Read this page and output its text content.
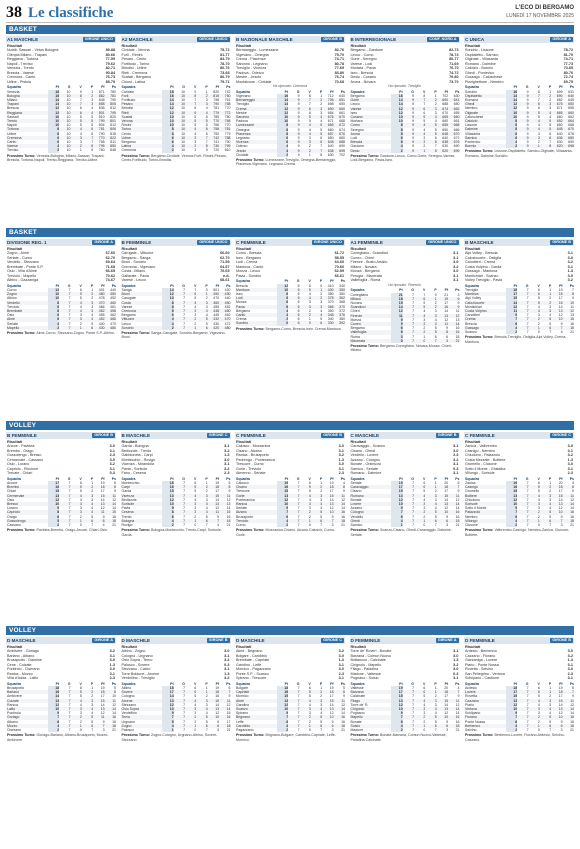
38 Le classifiche	L'ECO DI BERGAMO
LUNEDÌ 17 NOVEMBRE 2025
BASKET
A1 MASCHILE	GIRONE UNICO
Risultati
Nutrib. Sassari - Virtus Bologna	89-88
Olimpia Milano - Trapani	80-66
Reggiana - Tortona	77-59
Napoli - Treviso	79-62
Venezia - Trento	82-71
Brescia - Varese	90-84
Cremona - Cantù	76-73
Udine - Pistoia	85-79
Squadra	Pt	G	V	P	Pf	Ps
Venezia	18	10	9	1	871	780
Bologna	16	10	8	2	862	781
Milano	14	10	7	3	845	790
Trapani	14	10	7	3	858	805
Brescia	12	10	6	4	836	812
Reggiana	12	10	6	4	801	795
Sassari	10	10	5	5	810	820
Trento	10	10	5	5	799	801
Napoli	10	10	5	5	804	812
Tortona	8	10	4	6	781	806
Udine	8	10	4	6	790	818
Cremona	6	10	3	7	770	822
Cantù	6	10	3	7	768	811
Varese	4	10	2	8	795	850
Treviso	2	10	1	9	760	848
Prossimo Turno: Venezia-Bologna, Milano-Sassari, Trapani-Brescia, Tortona-Napoli, Trento-Reggiana, Treviso-Udine.
A2 MASCHILE	GIRONE UNICO
Risultati
Cividale - Verona	75-72
Forlì - Rimini	81-77
Pesaro - Cento	84-79
Fortitudo - Torino	78-70
Brindisi - Udine	80-76
Rieti - Cremona	73-68
Scafati - Bergamo	86-79
Chiusi - Latina	79-71
Squadra	Pt	G	V	P	Pf	Ps
Cividale	18	10	9	1	820	742
Forlì	16	10	8	2	815	760
Fortitudo	14	10	7	3	798	761
Pesaro	14	10	7	3	790	758
Brindisi	12	10	6	4	781	770
Rieti	12	10	6	4	779	772
Scafati	10	10	5	5	785	780
Verona	10	10	5	5	770	768
Rimini	10	10	5	5	766	770
Torino	8	10	4	6	758	781
Cento	8	10	4	6	750	779
Udine	6	10	3	7	742	788
Bergamo	6	10	3	7	741	790
Latina	4	10	2	8	730	799
Cremona	2	10	1	9	720	810
Prossimo Turno: Bergamo-Cividale, Verona-Forlì, Rimini-Pesaro, Cento-Fortitudo, Torino-Brindisi.
B NAZIONALE MASCHILE	GIRONE B
Risultati
Bernareggio - Lumezzane	82-76
Vigevano - Omegna	79-70
Crema - Piacenza	74-71
Saronno - Legnano	80-78
Treviglio - Vicenza	77-69
Padova - Oderzo	83-80
Mestre - Jesolo	76-74
Monfalcone - Cividale	70-68
Ha riposato: Cremona
Squadra	Pt	G	V	P	Pf	Ps
Vigevano	16	9	8	1	712	640
Bernareggio	14	9	7	2	705	651
Treviglio	14	9	7	2	698	650
Crema	12	9	6	3	690	660
Mestre	12	9	6	3	684	661
Saronno	10	9	5	4	676	670
Padova	10	9	5	4	671	668
Lumezzane	8	9	4	5	665	672
Omegna	8	9	4	5	660	674
Piacenza	8	9	4	5	657	676
Legnano	6	9	3	6	650	680
Vicenza	6	9	3	6	648	688
Oderzo	4	9	2	7	640	690
Jesolo	4	9	2	7	638	695
Cividale	2	9	1	8	630	702
Prossimo Turno: Lumezzane-Treviglio, Omegna-Bernareggio, Piacenza-Vigevano, Legnano-Crema.
B INTERREGIONALE	CONF. NORD A
Risultati
Bergamo - Gardone	82-73
Lecco - Como	78-74
Gorle - Seregno	80-77
Varese - Lodi	71-69
Mortara - Pavia	76-70
Iseo - Brescia	74-72
Desio - Cusano	79-80
Arona - Novara	73-70
Ha riposato: Treviglio
Squadra	Pt	G	V	P	Pf	Ps
Bergamo	16	9	8	1	702	630
Gorle	14	9	7	2	690	641
Lecco	14	9	7	2	688	650
Varese	12	9	6	3	674	652
Iseo	12	9	6	3	670	655
Cusano	10	9	5	4	665	660
Mortara	10	9	5	4	660	661
Como	8	9	4	5	655	668
Seregno	8	9	4	5	650	666
Arona	8	9	4	5	648	670
Lodi	6	9	3	6	640	672
Brescia	6	9	3	6	638	676
Gardone	4	9	2	7	630	690
Desio	2	9	1	8	620	699
Prossimo Turno: Gardone-Lecco, Como-Gorle, Seregno-Varese, Lodi-Bergamo, Pavia-Iseo.
C UNICA	GIRONE A
Risultati
Sondrio - Lissone	78-72
Ospitaletto - Sarnico	81-70
Olginate - Villasanta	74-71
Romano - Dalmine	77-73
Calolzio - Bormio	70-65
Ghedi - Pontevico	80-76
Gussago - Caluschese	72-74
Pizzighettone - Nembro	69-75
Squadra	Pt	G	V	P	Pf	Ps
Sondrio	16	9	8	1	699	631
Ospitaletto	14	9	7	2	690	640
Romano	14	9	7	2	682	645
Ghedi	12	9	6	3	675	650
Nembro	12	9	6	3	671	655
Olginate	10	9	5	4	665	660
Caluschese	10	9	5	4	660	662
Calolzio	8	9	4	5	652	664
Lissone	8	9	4	5	650	668
Dalmine	8	9	4	5	645	670
Villasanta	6	9	3	6	640	676
Sarnico	6	9	3	6	636	680
Pontevico	4	9	2	7	630	690
Bormio	2	9	1	8	620	698
Prossimo Turno: Lissone-Ospitaletto, Sarnico-Olginate, Villasanta-Romano, Dalmine-Sondrio.
BASKET
DIVISIONE REG. 1	GIRONE A
Risultati
Zogno - Almè	67-60
Seriate - Curno	62-70
Verdello - Stezzano	69-64
Brembate - Ponte S.P.	71-68
Osio - Villa d'Almè	66-65
Treviolo - Mapello	70-62
Albino - Gazzaniga	74-67
Squadra	Pt	G	V	P	Pf	Ps
Curno	12	7	6	1	491	440
Zogno	10	7	5	2	480	450
Albino	10	7	5	2	478	452
Verdello	8	7	4	3	470	460
Treviolo	8	7	4	3	466	461
Brembate	8	7	4	3	462	458
Osio	6	7	3	4	455	462
Almè	6	7	3	4	452	466
Seriate	4	7	2	5	440	470
Mapello	2	7	1	6	430	480
Prossimo Turno: Almè-Curno, Stezzano-Zogno, Ponte S.P.-Albino.
B FEMMINILE	GIRONE UNICO
Risultati
Carugate - Vittuone	66-60
Bergamo - Sanga	62-70
Broni - Sondrio	71-59
Cremona - Vigevano	64-57
Costa - Milano	70-65
Gallarate - Pavia	n.d.
Varese - Lecco	68-61
Squadra	Pt	G	V	P	Pf	Ps
Sanga	14	7	7	0	501	420
Broni	12	7	6	1	490	430
Carugate	10	7	5	2	470	440
Costa	8	7	4	3	460	450
Varese	8	7	4	3	455	452
Cremona	6	7	3	4	448	460
Bergamo	6	7	3	4	445	462
Vittuone	4	7	2	5	432	470
Lecco	4	7	2	5	430	472
Sondrio	2	7	1	6	420	480
Prossimo Turno: Sanga-Carugate, Sondrio-Bergamo, Vigevano-Broni.
C FEMMINILE	GIRONE UNICO
Risultati
Como - Brescia	61-72
Iseo - Bergamo	58-55
Lodi - Crema	64-60
Mantova - Cantù	70-66
Monza - Lecco	62-59
Pavia - Sondrio	66-61
Squadra	Pt	G	V	P	Pf	Ps
Brescia	12	6	6	0	410	340
Mantova	10	6	5	1	400	350
Iseo	8	6	4	2	380	360
Lodi	8	6	4	2	378	362
Monza	6	6	3	3	370	368
Pavia	6	6	3	3	366	370
Bergamo	4	6	2	4	350	372
Cantù	4	6	2	4	348	376
Crema	2	6	1	5	340	380
Sondrio	0	6	0	6	330	392
Prossimo Turno: Bergamo-Como, Brescia-Iseo, Crema-Mantova.
A1 FEMMINILE	GIRONE UNICO
Risultati
Conegliano - Scandicci	3-1
Cuneo - Chieri	3-1
Firenze - Busto Arsizio	3-0
Milano - Novara	3-2
Monza - Bergamo	3-0
Perugia - Macerata	3-1
Vallefoglia - Roma	3-1
Ha riposato: Pinerolo
Squadra	Pt	G	V	P	Pf	Ps
Conegliano	21	7	7	0	21	3
Milano	18	7	6	1	19	6
Novara	15	7	5	2	17	9
Scandicci	14	7	5	2	16	9
Chieri	12	7	4	3	14	11
Firenze	11	7	4	3	13	12
Monza	9	7	3	4	12	13
Cuneo	9	7	3	4	11	14
Bergamo	6	7	2	5	9	16
Vallefoglia	6	7	2	5	8	16
Roma	3	7	1	6	6	18
Macerata	0	7	0	7	3	21
Prossimo Turno: Bergamo-Conegliano, Novara-Monza, Chieri-Milano.
B MASCHILE	GIRONE B
Risultati
Alpi Volley - Brescia	3-1
Caloziocorte - Ostiglia	3-0
Canottieri - Crema	3-2
Costa Volpino - Garda	3-1
Gussago - Mantova	1-3
Montichiari - Scanzo	3-0
Volley Treviglio - Pavia	3-2
Squadra	Pt	G	V	P	Pf	Ps
Treviglio	18	7	6	1	19	7
Mantova	17	7	6	1	18	8
Alpi Volley	15	7	5	2	17	9
Caloziocorte	14	7	5	2	16	10
Montichiari	12	7	4	3	14	11
Costa Volpino	11	7	4	3	13	12
Canottieri	9	7	3	4	12	13
Crema	7	7	2	5	10	16
Brescia	6	7	2	5	9	16
Gussago	4	7	1	6	7	18
Scanzo	2	7	0	7	4	21
Prossimo Turno: Brescia-Treviglio, Ostiglia-Alpi Volley, Crema-Mantova.
VOLLEY
B FEMMINILE	GIRONE B
Risultati
Arcore - Pavidea	3-0
Brembo - Orago	3-1
Gossolengo - Bresso	2-3
Cermenate - Cassano	3-0
Osio - Lurano	3-2
Capriolo - Riccione	3-1
Trecate - Chiari	0-3
Squadra	Pt	G	V	P	Pf	Ps
Arcore	17	7	6	1	19	6
Brembo	16	7	5	2	18	8
Chiari	15	7	5	2	17	9
Cermenate	13	7	4	3	15	11
Osio	12	7	4	3	14	12
Bresso	10	7	3	4	13	14
Lurano	9	7	3	4	12	14
Capriolo	8	7	3	4	11	15
Orago	6	7	2	5	9	16
Gossolengo	5	7	1	6	8	18
Cassano	2	7	0	7	4	21
Prossimo Turno: Pavidea-Brembo, Orago-Arcore, Chiari-Osio.
B MASCHILE	GIRONE C
Risultati
Garda - Bologna	3-1
Bedizzole - Trento	3-2
Gabbioneta - Carpi	1-3
Montecchio - Rovigo	3-0
Vicenza - Mirandola	3-1
Pavia - Sorisole	3-2
Fano - Cesena	2-3
Squadra	Pt	G	V	P	Pf	Ps
Montecchio	18	7	6	1	19	5
Carpi	16	7	5	2	18	8
Garda	15	7	5	2	17	9
Vicenza	13	7	4	3	15	11
Bedizzole	12	7	4	3	14	12
Sorisole	10	7	3	4	13	13
Pavia	9	7	3	4	12	14
Cesena	8	7	3	4	11	15
Trento	6	7	2	5	9	16
Bologna	4	7	1	6	7	18
Rovigo	2	7	0	7	4	21
Prossimo Turno: Bologna-Montecchio, Trento-Carpi, Sorisole-Garda.
C FEMMINILE	GIRONE B
Risultati
Calusco - Mozzanica	3-0
Cisano - Alzano	3-1
Ranica - Brusaporto	3-2
Pedrengo - Ponteranica	1-3
Trescore - Curno	3-0
Gorle - Treviolo	3-1
Almenno - Seriate	2-3
Squadra	Pt	G	V	P	Pf	Ps
Calusco	19	7	6	1	19	4
Cisano	16	7	5	2	18	8
Trescore	15	7	5	2	17	9
Gorle	13	7	4	3	15	11
Ponteranica	12	7	4	3	14	12
Ranica	10	7	3	4	13	14
Seriate	9	7	3	4	12	14
Alzano	7	7	2	5	10	16
Brusaporto	6	7	2	5	9	16
Treviolo	4	7	1	6	7	18
Curno	2	7	0	7	3	21
Prossimo Turno: Mozzanica-Cisano, Alzano-Calusco, Curno-Gorle.
C MASCHILE	GIRONE B
Risultati
Caravaggio - Scanzo	3-1
Cisano - Ghedi	3-0
Verdello - Lovere	2-3
Azzano - Cologno	3-2
Bonate - Orzinuovi	3-1
Sarnico - Seriate	0-3
Romano - Dalmine	3-1
Squadra	Pt	G	V	P	Pf	Ps
Seriate	19	7	6	1	20	5
Caravaggio	17	7	6	1	18	7
Cisano	15	7	5	2	17	9
Romano	13	7	4	3	15	11
Bonate	12	7	4	3	14	12
Lovere	10	7	3	4	13	14
Azzano	9	7	3	4	12	14
Cologno	7	7	2	5	10	16
Verdello	6	7	2	5	9	16
Ghedi	4	7	1	6	6	18
Sarnico	1	7	0	7	3	21
Prossimo Turno: Scanzo-Cisano, Ghedi-Caravaggio, Dalmine-Seriate.
C FEMMINILE	GIRONE C
Risultati
Zanica - Valbrembo	3-0
Casnigo - Nembro	3-1
Chiuduno - Palazzolo	3-2
Costa Mezzate - Boltiere	1-3
Grumello - Clusone	3-0
Sotto il Monte - Ghisalba	3-1
Villongo - Sorisole	2-3
Squadra	Pt	G	V	P	Pf	Ps
Zanica	19	7	6	1	20	4
Casnigo	16	7	5	2	18	8
Grumello	15	7	5	2	17	9
Boltiere	13	7	4	3	15	11
Chiuduno	12	7	4	3	14	12
Sorisole	10	7	3	4	13	14
Sotto il Monte	9	7	3	4	12	14
Palazzolo	7	7	2	5	10	16
Nembro	6	7	2	5	9	16
Villongo	4	7	1	6	7	18
Clusone	2	7	0	7	3	21
Prossimo Turno: Valbrembo-Casnigo, Nembro-Zanica, Clusone-Boltiere.
VOLLEY
D MASCHILE	GIRONE A
Risultati
Ambivere - Gorlago	3-2
Bariano - Albano	3-1
Brusaporto - Dalmine	3-0
Cene - Colzate	1-3
Pontirolo - Ciserano	3-0
Ranica - Mozzo	3-1
Villa d'Adda - Lallio	2-3
Squadra	Pt	G	V	P	Pf	Ps
Brusaporto	18	7	6	1	19	5
Bariano	16	7	5	2	18	8
Ambivere	14	7	5	2	17	10
Colzate	13	7	4	3	15	11
Ranica	12	7	4	3	14	12
Lallio	10	7	3	4	13	14
Pontirolo	9	7	3	4	12	14
Gorlago	7	7	2	5	11	16
Albano	6	7	2	5	9	16
Mozzo	4	7	1	6	7	18
Ciserano	2	7	0	7	3	21
Prossimo Turno: Gorlago-Bariano, Albano-Brusaporto, Mozzo-Ambivere.
D MASCHILE	GIRONE B
Risultati
Albino - Zogno	3-0
Cologno - Urgnano	3-1
Osio Sopra - Terno	3-2
Palosco - Sovere	0-3
Stezzano - Calcio	3-1
Torre Boldone - Arcene	1-3
Verdellino - Treviglio	3-2
Squadra	Pt	G	V	P	Pf	Ps
Albino	18	7	6	1	19	6
Sovere	17	7	6	1	18	7
Cologno	14	7	5	2	16	9
Arcene	13	7	4	3	15	11
Stezzano	12	7	4	3	14	12
Osio Sopra	10	7	3	4	13	14
Verdellino	9	7	3	4	12	15
Terno	7	7	2	5	10	16
Urgnano	5	7	2	5	9	17
Zogno	4	7	1	6	6	18
Palosco	1	7	0	7	3	21
Prossimo Turno: Zogno-Cologno, Urgnano-Albino, Sovere-Stezzano.
D MASCHILE	GIRONE C
Risultati
Almè - Brignano	3-2
Bolgare - Carobbio	3-0
Brembate - Capriate	1-3
Gandino - Leffe	3-1
Mornico - Pagazzano	3-0
Ponte S.P. - Scanzo	2-3
Spirano - Trescore	3-1
Squadra	Pt	G	V	P	Pf	Ps
Bolgare	18	7	6	1	19	5
Capriate	16	7	5	2	18	8
Mornico	15	7	5	2	17	9
Almè	13	7	4	3	15	11
Gandino	12	7	4	3	14	12
Scanzo	10	7	3	4	13	14
Spirano	9	7	3	4	12	14
Brignano	7	7	2	5	10	16
Leffe	6	7	2	5	9	16
Carobbio	4	7	1	6	6	18
Pagazzano	2	7	0	7	3	21
Prossimo Turno: Brignano-Bolgare, Carobbio-Capriate, Leffe-Mornico.
D FEMMINILE	GIRONE A
Risultati
Torre de' Roveri - Bonate	3-1
Barzana - Comun Nuovo	3-0
Bottanuco - Calcinate	1-3
Chignolo - Mapello	3-2
Filago - Paladina	3-0
Madone - Valtesse	0-3
Pognano - Suisio	3-1
Squadra	Pt	G	V	P	Pf	Ps
Valtesse	19	7	6	1	20	4
Barzana	17	7	6	1	18	7
Calcinate	15	7	5	2	17	9
Filago	13	7	4	3	15	11
Torre de' R.	12	7	4	3	14	12
Chignolo	10	7	3	4	13	14
Pognano	9	7	3	4	12	14
Mapello	7	7	2	5	10	16
Bonate	6	7	2	5	9	16
Suisio	4	7	1	6	6	18
Madone	2	7	0	7	3	21
Prossimo Turno: Bonate-Barzana, Comun Nuovo-Valtesse, Paladina-Calcinate.
D FEMMINILE	GIRONE B
Risultati
Ardesio - Berbenno	3-0
Cazzano - Fiorano	3-2
Gazzaniga - Lovere	1-3
Piario - Ponte Nossa	3-1
Rovetta - Selvino	3-0
San Pellegrino - Vertova	2-3
Schilpario - Castione	3-1
Squadra	Pt	G	V	P	Pf	Ps
Ardesio	18	7	6	1	19	5
Lovere	17	7	6	1	18	7
Rovetta	15	7	5	2	17	9
Cazzano	13	7	4	3	15	11
Piario	12	7	4	3	14	12
Vertova	10	7	3	4	13	14
Schilpario	9	7	3	4	12	14
Fiorano	7	7	2	5	10	16
Ponte Nossa	6	7	2	5	9	16
Berbenno	4	7	1	6	6	18
Selvino	2	7	0	7	3	21
Prossimo Turno: Berbenno-Lovere, Fiorano-Ardesio, Selvino-Cazzano.
